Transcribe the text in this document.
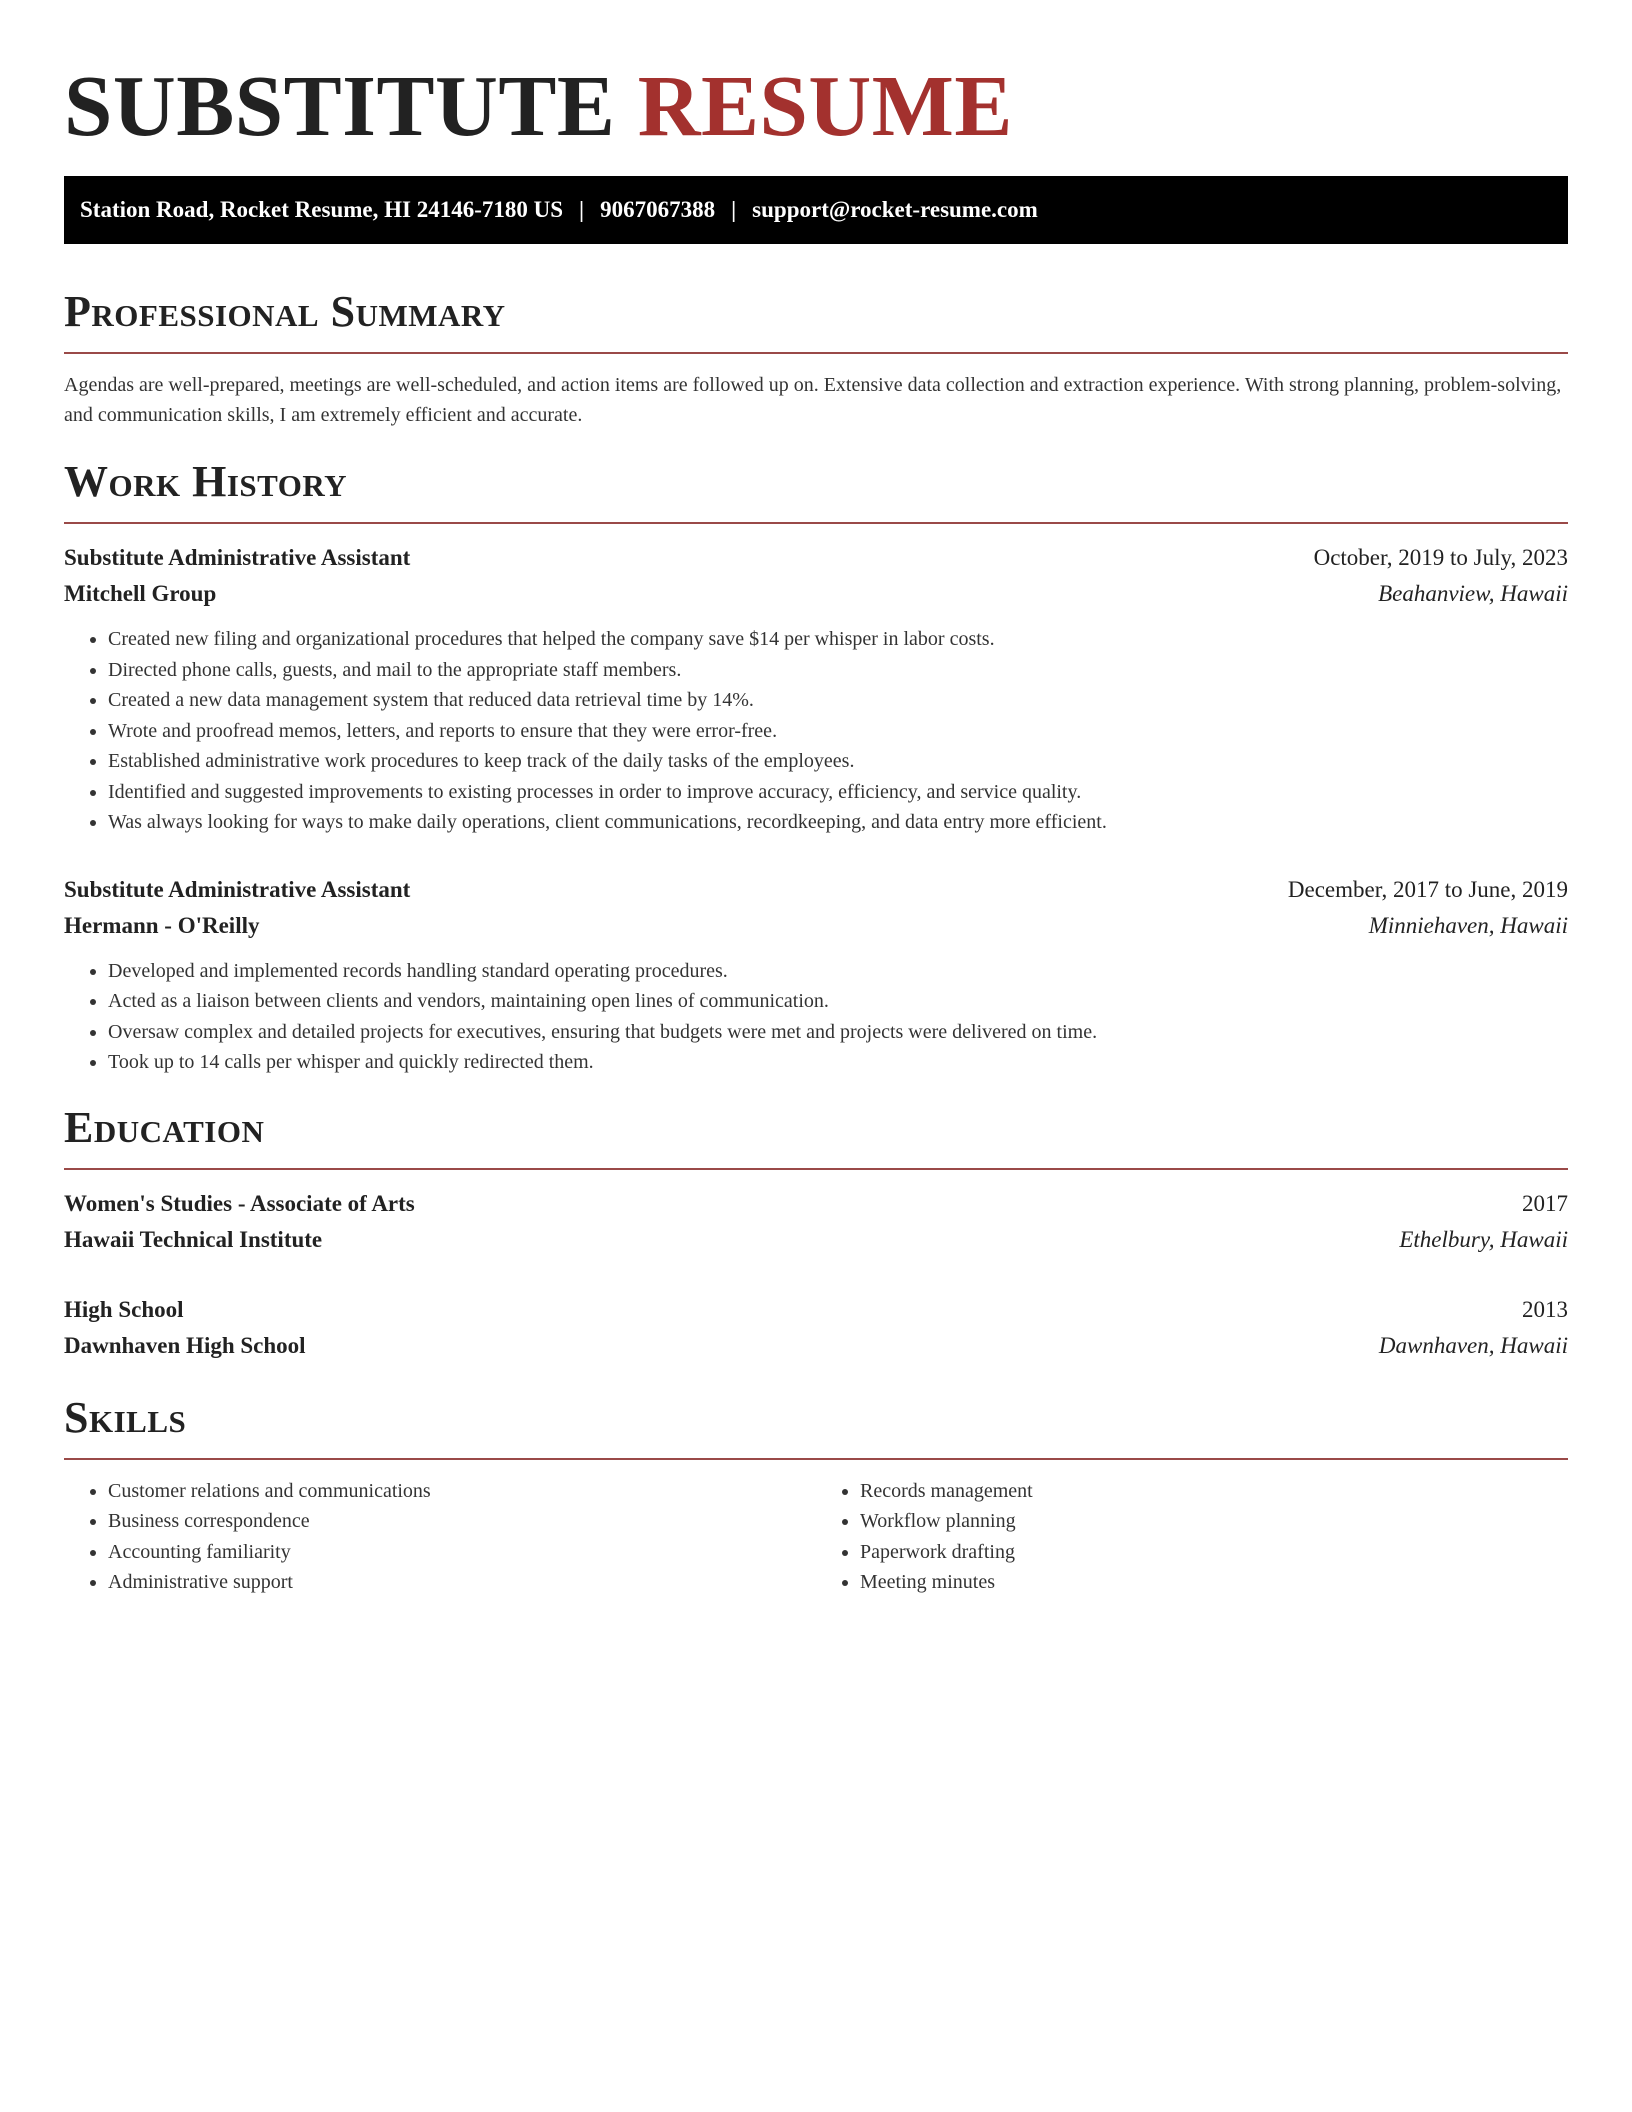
SUBSTITUTE RESUME
Station Road, Rocket Resume, HI 24146-7180 US | 9067067388 | support@rocket-resume.com
Professional Summary

Agendas are well-prepared, meetings are well-scheduled, and action items are followed up on. Extensive data collection and extraction experience. With strong planning, problem-solving, and communication skills, I am extremely efficient and accurate.

Work History
Substitute Administrative Assistant	October, 2019 to July, 2023
Mitchell Group	Beahanview, Hawaii
• Created new filing and organizational procedures that helped the company save $14 per whisper in labor costs.
• Directed phone calls, guests, and mail to the appropriate staff members.
• Created a new data management system that reduced data retrieval time by 14%.
• Wrote and proofread memos, letters, and reports to ensure that they were error-free.
• Established administrative work procedures to keep track of the daily tasks of the employees.
• Identified and suggested improvements to existing processes in order to improve accuracy, efficiency, and service quality.
• Was always looking for ways to make daily operations, client communications, recordkeeping, and data entry more efficient.
Substitute Administrative Assistant	December, 2017 to June, 2019
Hermann - O'Reilly	Minniehaven, Hawaii
• Developed and implemented records handling standard operating procedures.
• Acted as a liaison between clients and vendors, maintaining open lines of communication.
• Oversaw complex and detailed projects for executives, ensuring that budgets were met and projects were delivered on time.
• Took up to 14 calls per whisper and quickly redirected them.
Education
Women's Studies - Associate of Arts	2017
Hawaii Technical Institute	Ethelbury, Hawaii
High School	2013
Dawnhaven High School	Dawnhaven, Hawaii
Skills
• Customer relations and communications
• Business correspondence
• Accounting familiarity
• Administrative support
• Records management
• Workflow planning
• Paperwork drafting
• Meeting minutes
